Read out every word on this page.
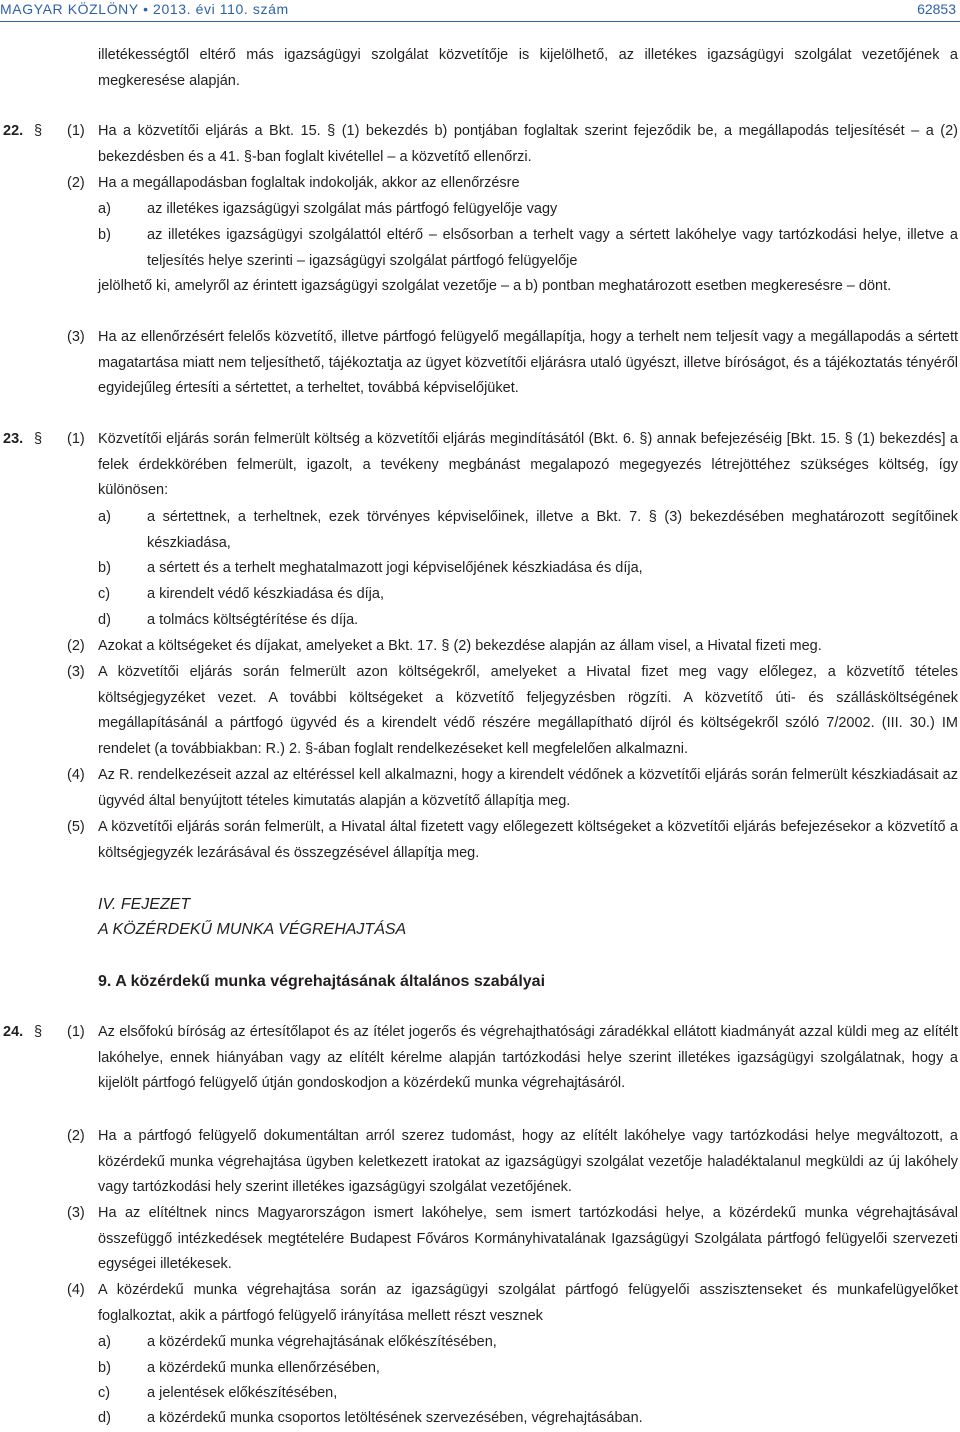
MAGYAR KÖZLÖNY • 2013. évi 110. szám	62853
illetékességtől eltérő más igazságügyi szolgálat közvetítője is kijelölhető, az illetékes igazságügyi szolgálat vezetőjének a megkeresése alapján.
22. § (1) Ha a közvetítői eljárás a Bkt. 15. § (1) bekezdés b) pontjában foglaltak szerint fejeződik be, a megállapodás teljesítését – a (2) bekezdésben és a 41. §-ban foglalt kivétellel – a közvetítő ellenőrzi.
(2) Ha a megállapodásban foglaltak indokolják, akkor az ellenőrzésre
a) az illetékes igazságügyi szolgálat más pártfogó felügyelője vagy
b) az illetékes igazságügyi szolgálattól eltérő – elsősorban a terhelt vagy a sértett lakóhelye vagy tartózkodási helye, illetve a teljesítés helye szerinti – igazságügyi szolgálat pártfogó felügyelője
jelölhető ki, amelyről az érintett igazságügyi szolgálat vezetője – a b) pontban meghatározott esetben megkeresésre – dönt.
(3) Ha az ellenőrzésért felelős közvetítő, illetve pártfogó felügyelő megállapítja, hogy a terhelt nem teljesít vagy a megállapodás a sértett magatartása miatt nem teljesíthető, tájékoztatja az ügyet közvetítői eljárásra utaló ügyészt, illetve bíróságot, és a tájékoztatás tényéről egyidejűleg értesíti a sértettet, a terheltet, továbbá képviselőjüket.
23. § (1) Közvetítői eljárás során felmerült költség a közvetítői eljárás megindításától (Bkt. 6. §) annak befejezéséig [Bkt. 15. § (1) bekezdés] a felek érdekkörében felmerült, igazolt, a tevékeny megbánást megalapozó megegyezés létrejöttéhez szükséges költség, így különösen:
a) a sértettnek, a terheltnek, ezek törvényes képviselőinek, illetve a Bkt. 7. § (3) bekezdésében meghatározott segítőinek készkiadása,
b) a sértett és a terhelt meghatalmazott jogi képviselőjének készkiadása és díja,
c)	a kirendelt védő készkiadása és díja,
d) a tolmács költségtérítése és díja.
(2) Azokat a költségeket és díjakat, amelyeket a Bkt. 17. § (2) bekezdése alapján az állam visel, a Hivatal fizeti meg.
(3) A közvetítői eljárás során felmerült azon költségekről, amelyeket a Hivatal fizet meg vagy előlegez, a közvetítő tételes költségjegyzéket vezet. A további költségeket a közvetítő feljegyzésben rögzíti. A közvetítő úti- és szállásköltségének megállapításánál a pártfogó ügyvéd és a kirendelt védő részére megállapítható díjról és költségekről szóló 7/2002. (III. 30.) IM rendelet (a továbbiakban: R.) 2. §-ában foglalt rendelkezéseket kell megfelelően alkalmazni.
(4) Az R. rendelkezéseit azzal az eltéréssel kell alkalmazni, hogy a kirendelt védőnek a közvetítői eljárás során felmerült készkiadásait az ügyvéd által benyújtott tételes kimutatás alapján a közvetítő állapítja meg.
(5) A közvetítői eljárás során felmerült, a Hivatal által fizetett vagy előlegezett költségeket a közvetítői eljárás befejezésekor a közvetítő a költségjegyzék lezárásával és összegzésével állapítja meg.
IV. FEJEZET
A KÖZÉRDEKŰ MUNKA VÉGREHAJTÁSA
9. A közérdekű munka végrehajtásának általános szabályai
24. § (1) Az elsőfokú bíróság az értesítőlapot és az ítélet jogerős és végrehajthatósági záradékkal ellátott kiadmányát azzal küldi meg az elítélt lakóhelye, ennek hiányában vagy az elítélt kérelme alapján tartózkodási helye szerint illetékes igazságügyi szolgálatnak, hogy a kijelölt pártfogó felügyelő útján gondoskodjon a közérdekű munka végrehajtásáról.
(2) Ha a pártfogó felügyelő dokumentáltan arról szerez tudomást, hogy az elítélt lakóhelye vagy tartózkodási helye megváltozott, a közérdekű munka végrehajtása ügyben keletkezett iratokat az igazságügyi szolgálat vezetője haladéktalanul megküldi az új lakóhely vagy tartózkodási hely szerint illetékes igazságügyi szolgálat vezetőjének.
(3) Ha az elítéltnek nincs Magyarországon ismert lakóhelye, sem ismert tartózkodási helye, a közérdekű munka végrehajtásával összefüggő intézkedések megtételére Budapest Főváros Kormányhivatalának Igazságügyi Szolgálata pártfogó felügyelői szervezeti egységei illetékesek.
(4) A közérdekű munka végrehajtása során az igazságügyi szolgálat pártfogó felügyelői asszisztenseket és munkafelügyelőket foglalkoztat, akik a pártfogó felügyelő irányítása mellett részt vesznek
a) a közérdekű munka végrehajtásának előkészítésében,
b) a közérdekű munka ellenőrzésében,
c)	a jelentések előkészítésében,
d) a közérdekű munka csoportos letöltésének szervezésében, végrehajtásában.
